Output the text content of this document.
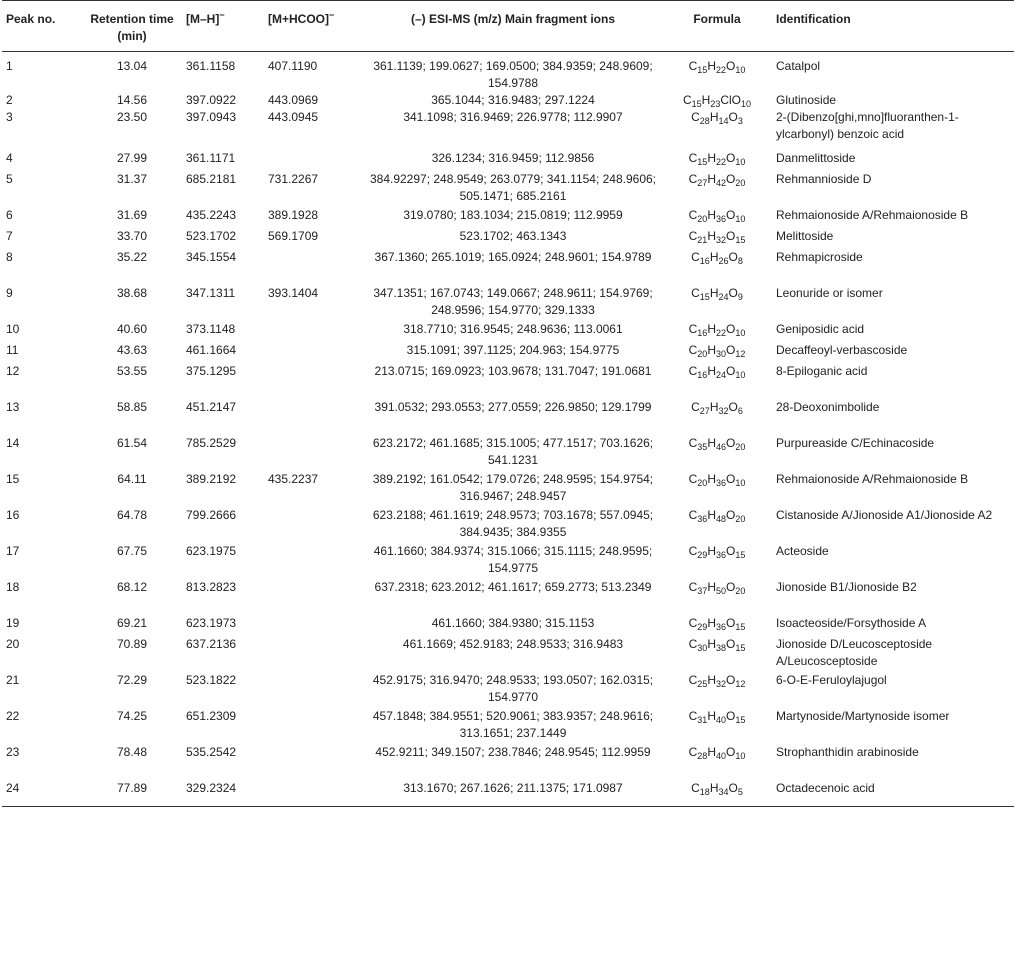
Peak no.	Retention time (min)	[M–H]−	[M+HCOO]−	(–) ESI-MS (m/z) Main fragment ions	Formula	Identification
1	13.04	361.1158	407.1190	361.1139; 199.0627; 169.0500; 384.9359; 248.9609; 154.9788	$C_{15}H_{22}O_{10}$	Catalpol
2	14.56	397.0922	443.0969	365.1044; 316.9483; 297.1224	$C_{15}H_{23}ClO_{10}$	Glutinoside
3	23.50	397.0943	443.0945	341.1098; 316.9469; 226.9778; 112.9907	$C_{28}H_{14}O_3$	2-(Dibenzo[ghi,mno]fluoranthen-1-ylcarbonyl) benzoic acid
4	27.99	361.1171		326.1234; 316.9459; 112.9856	$C_{15}H_{22}O_{10}$	Danmelittoside
5	31.37	685.2181	731.2267	384.92297; 248.9549; 263.0779; 341.1154; 248.9606; 505.1471; 685.2161	$C_{27}H_{42}O_{20}$	Rehmannioside D
6	31.69	435.2243	389.1928	319.0780; 183.1034; 215.0819; 112.9959	$C_{20}H_{36}O_{10}$	Rehmaionoside A/Rehmaionoside B
7	33.70	523.1702	569.1709	523.1702; 463.1343	$C_{21}H_{32}O_{15}$	Melittoside
8	35.22	345.1554		367.1360; 265.1019; 165.0924; 248.9601; 154.9789	$C_{16}H_{26}O_8$	Rehmapicroside
9	38.68	347.1311	393.1404	347.1351; 167.0743; 149.0667; 248.9611; 154.9769; 248.9596; 154.9770; 329.1333	$C_{15}H_{24}O_9$	Leonuride or isomer
10	40.60	373.1148		318.7710; 316.9545; 248.9636; 113.0061	$C_{16}H_{22}O_{10}$	Geniposidic acid
11	43.63	461.1664		315.1091; 397.1125; 204.963; 154.9775	$C_{20}H_{30}O_{12}$	Decaffeoyl-verbascoside
12	53.55	375.1295		213.0715; 169.0923; 103.9678; 131.7047; 191.0681	$C_{16}H_{24}O_{10}$	8-Epiloganic acid
13	58.85	451.2147		391.0532; 293.0553; 277.0559; 226.9850; 129.1799	$C_{27}H_{32}O_6$	28-Deoxonimbolide
14	61.54	785.2529		623.2172; 461.1685; 315.1005; 477.1517; 703.1626; 541.1231	$C_{35}H_{46}O_{20}$	Purpureaside C/Echinacoside
15	64.11	389.2192	435.2237	389.2192; 161.0542; 179.0726; 248.9595; 154.9754; 316.9467; 248.9457	$C_{20}H_{36}O_{10}$	Rehmaionoside A/Rehmaionoside B
16	64.78	799.2666		623.2188; 461.1619; 248.9573; 703.1678; 557.0945; 384.9435; 384.9355	$C_{36}H_{48}O_{20}$	Cistanoside A/Jionoside A1/Jionoside A2
17	67.75	623.1975		461.1660; 384.9374; 315.1066; 315.1115; 248.9595; 154.9775	$C_{29}H_{36}O_{15}$	Acteoside
18	68.12	813.2823		637.2318; 623.2012; 461.1617; 659.2773; 513.2349	$C_{37}H_{50}O_{20}$	Jionoside B1/Jionoside B2
19	69.21	623.1973		461.1660; 384.9380; 315.1153	$C_{29}H_{36}O_{15}$	Isoacteoside/Forsythoside A
20	70.89	637.2136		461.1669; 452.9183; 248.9533; 316.9483	$C_{30}H_{38}O_{15}$	Jionoside D/Leucosceptoside A/Leucosceptoside
21	72.29	523.1822		452.9175; 316.9470; 248.9533; 193.0507; 162.0315; 154.9770	$C_{25}H_{32}O_{12}$	6-O-E-Feruloylajugol
22	74.25	651.2309		457.1848; 384.9551; 520.9061; 383.9357; 248.9616; 313.1651; 237.1449	$C_{31}H_{40}O_{15}$	Martynoside/Martynoside isomer
23	78.48	535.2542		452.9211; 349.1507; 238.7846; 248.9545; 112.9959	$C_{28}H_{40}O_{10}$	Strophanthidin arabinoside
24	77.89	329.2324		313.1670; 267.1626; 211.1375; 171.0987	$C_{18}H_{34}O_5$	Octadecenoic acid
